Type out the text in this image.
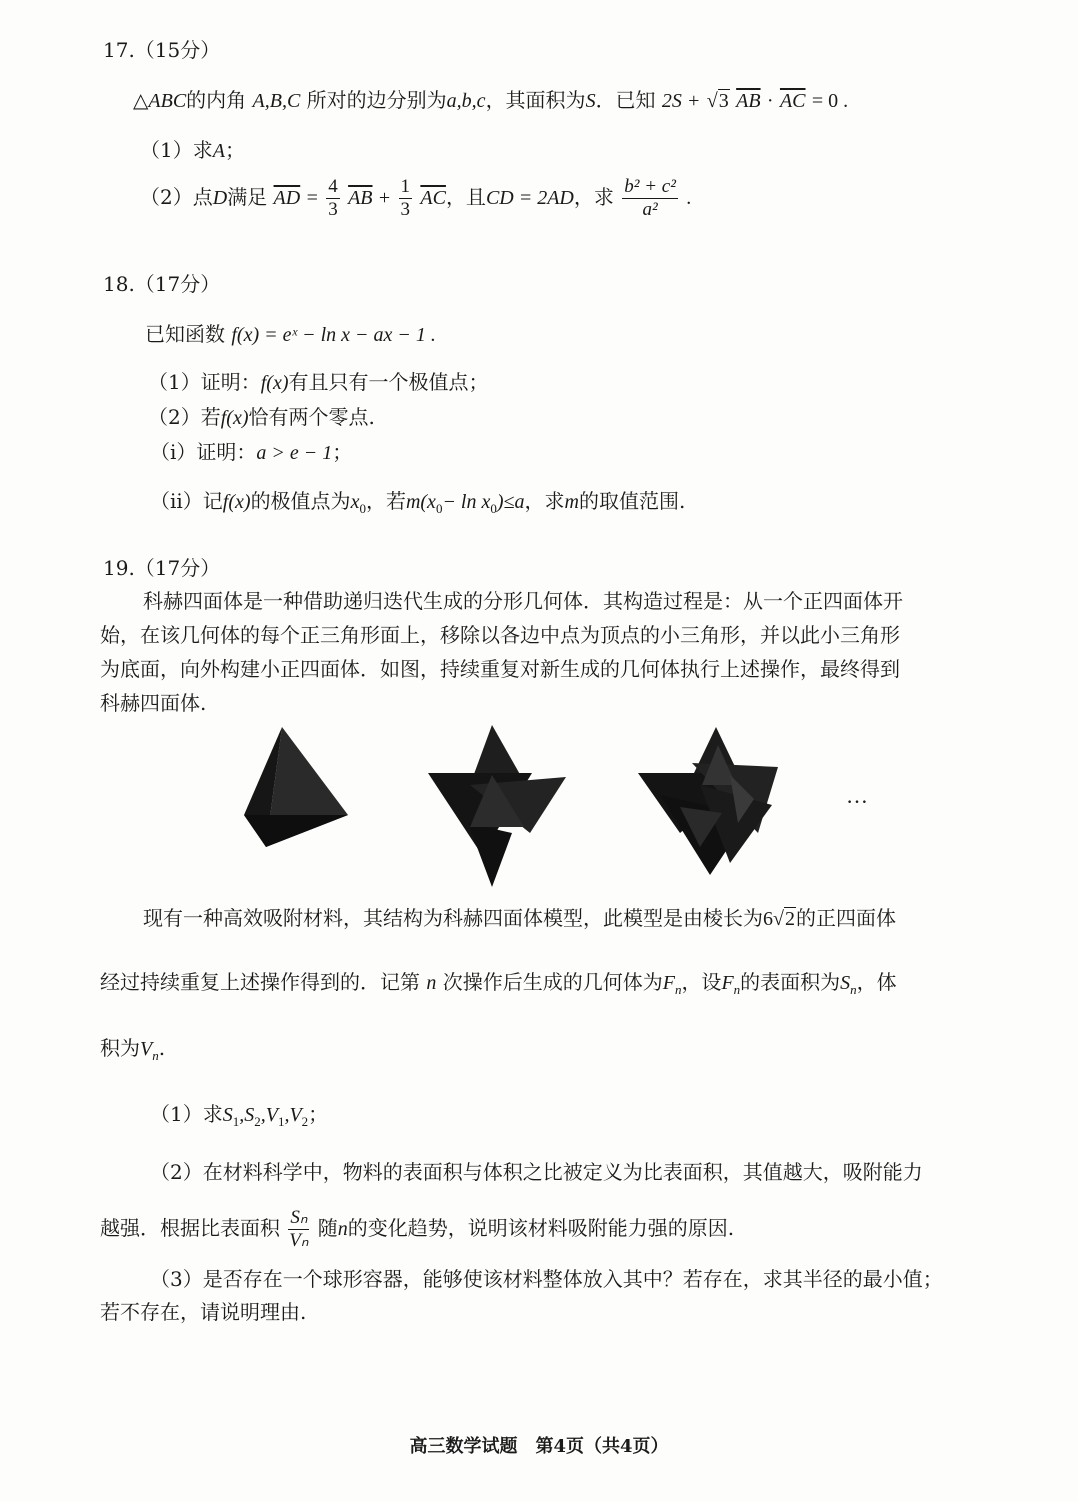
17.（15分）
△ABC的内角 A,B,C 所对的边分别为a,b,c，其面积为S．已知 2S + √3 $\overline{AB} \cdot \overline{AC} = 0$ .
（1）求A；
（2）点D满足 $\overline{AD} = \frac{4}{3} \overline{AB} + \frac{1}{3} \overline{AC}$，且CD = 2AD，求 $\frac{\text{b² + c²}}{\text{a²}}$ .
18.（17分）
已知函数 f(x) = eˣ − ln x − ax − 1 .
（1）证明：f(x)有且只有一个极值点；
（2）若f(x)恰有两个零点.
（i）证明：a > e − 1；
（ii）记f(x)的极值点为$x_0$，若$m(x_0- \ln x_0)\le a$，求m的取值范围.
19.（17分）
科赫四面体是一种借助递归迭代生成的分形几何体．其构造过程是：从一个正四面体开
始，在该几何体的每个正三角形面上，移除以各边中点为顶点的小三角形，并以此小三角形
为底面，向外构建小正四面体．如图，持续重复对新生成的几何体执行上述操作，最终得到
科赫四面体.
…
现有一种高效吸附材料，其结构为科赫四面体模型，此模型是由棱长为6√2的正四面体
经过持续重复上述操作得到的．记第 n 次操作后生成的几何体为$F_n$，设$F_n$的表面积为$S_n$，体
积为$V_n$.
（1）求$S_1,S_2,V_1,V_2$；
（2）在材料科学中，物料的表面积与体积之比被定义为比表面积，其值越大，吸附能力
越强．根据比表面积 $\frac{\text{Sₙ}}{\text{Vₙ}}$ 随n的变化趋势，说明该材料吸附能力强的原因.
（3）是否存在一个球形容器，能够使该材料整体放入其中？若存在，求其半径的最小值；
若不存在，请说明理由.
高三数学试题　第4页（共4页）
